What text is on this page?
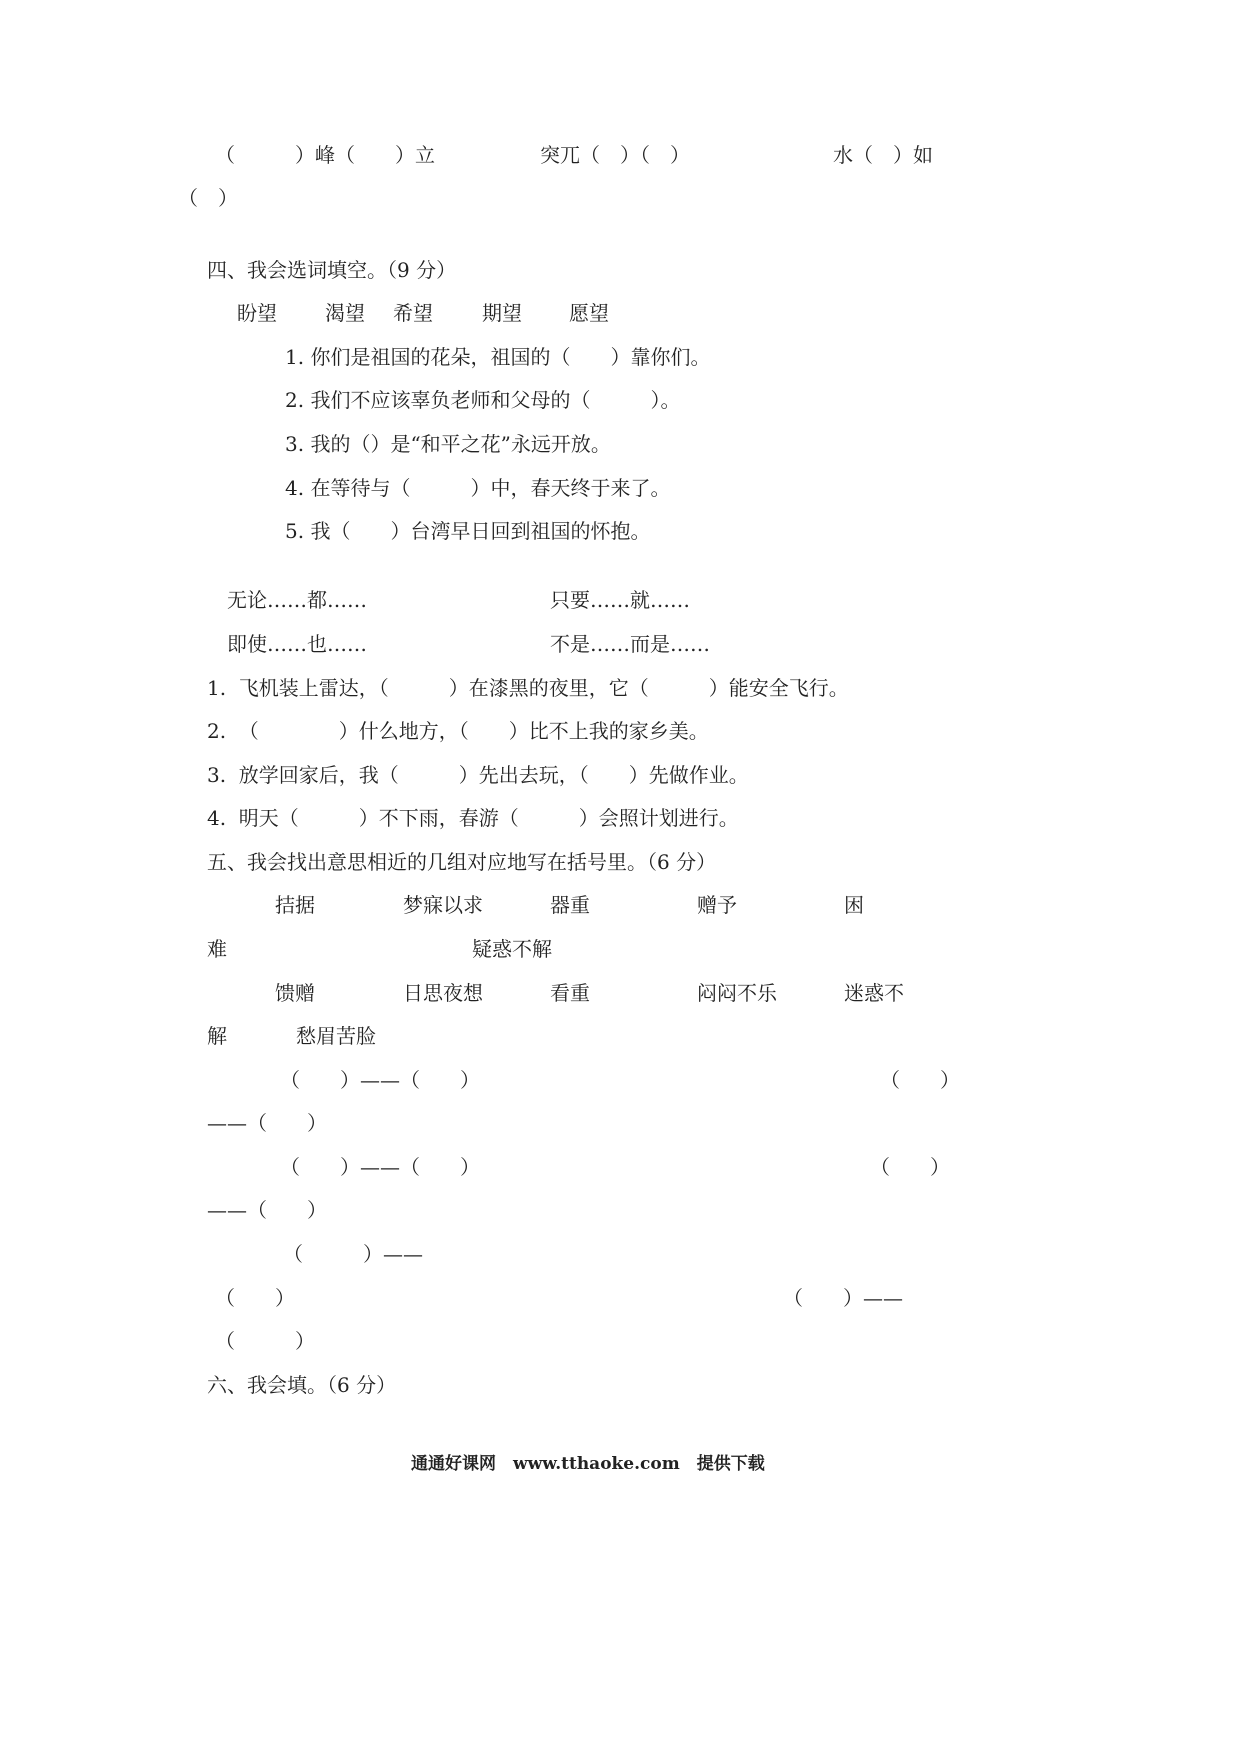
（　　　）峰（　　）立	突兀（　）（　）	水（　）如
（　）
四、我会选词填空。（9 分）
盼望 渴望 希望 期望 愿望
1. 你们是祖国的花朵，祖国的（　　）靠你们。
2. 我们不应该辜负老师和父母的（　　　）。
3. 我的（）是“和平之花”永远开放。
4. 在等待与（　　　）中，春天终于来了。
5. 我（　　）台湾早日回到祖国的怀抱。
无论……都……	只要……就……
即使……也……	不是……而是……
1.  飞机装上雷达，（　　　）在漆黑的夜里，它（　　　）能安全飞行。
2.  （　　　　）什么地方，（　　）比不上我的家乡美。
3.  放学回家后，我（　　　）先出去玩，（　　）先做作业。
4.  明天（　　　）不下雨，春游（　　　）会照计划进行。
五、我会找出意思相近的几组对应地写在括号里。（6 分）
拮据	梦寐以求	器重	赠予	困
难	疑惑不解
馈赠	日思夜想	看重	闷闷不乐	迷惑不
解	愁眉苦脸
（　　）——（　　）	（　　）
——（　　）
（　　）——（　　）	（　　）
——（　　）
（　　　）——
（　　）	（　　）——
（　　　）
六、我会填。（6 分）
通通好课网　www.tthaoke.com　提供下载
